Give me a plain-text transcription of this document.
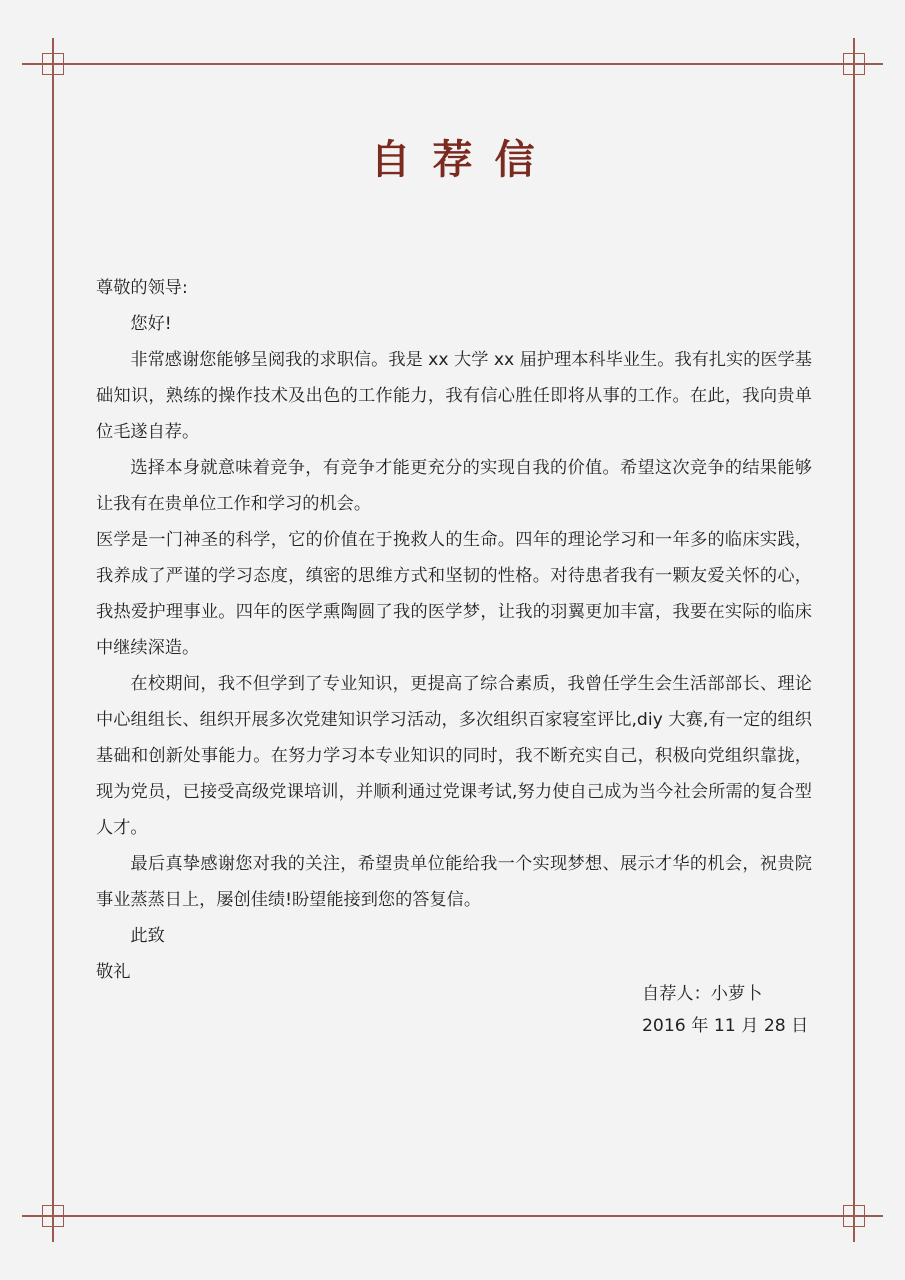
自荐信

尊敬的领导:

您好!

非常感谢您能够呈阅我的求职信。我是 xx 大学 xx 届护理本科毕业生。我有扎实的医学基础知识，熟练的操作技术及出色的工作能力，我有信心胜任即将从事的工作。在此，我向贵单位毛遂自荐。

选择本身就意味着竞争，有竞争才能更充分的实现自我的价值。希望这次竞争的结果能够让我有在贵单位工作和学习的机会。

医学是一门神圣的科学，它的价值在于挽救人的生命。四年的理论学习和一年多的临床实践，我养成了严谨的学习态度，缜密的思维方式和坚韧的性格。对待患者我有一颗友爱关怀的心，我热爱护理事业。四年的医学熏陶圆了我的医学梦，让我的羽翼更加丰富，我要在实际的临床中继续深造。

在校期间，我不但学到了专业知识，更提高了综合素质，我曾任学生会生活部部长、理论中心组组长、组织开展多次党建知识学习活动，多次组织百家寝室评比,diy 大赛,有一定的组织基础和创新处事能力。在努力学习本专业知识的同时，我不断充实自己，积极向党组织靠拢，现为党员，已接受高级党课培训，并顺利通过党课考试,努力使自己成为当今社会所需的复合型人才。

最后真挚感谢您对我的关注，希望贵单位能给我一个实现梦想、展示才华的机会，祝贵院事业蒸蒸日上，屡创佳绩!盼望能接到您的答复信。

此致

敬礼

自荐人：小萝卜
2016 年 11 月 28 日
